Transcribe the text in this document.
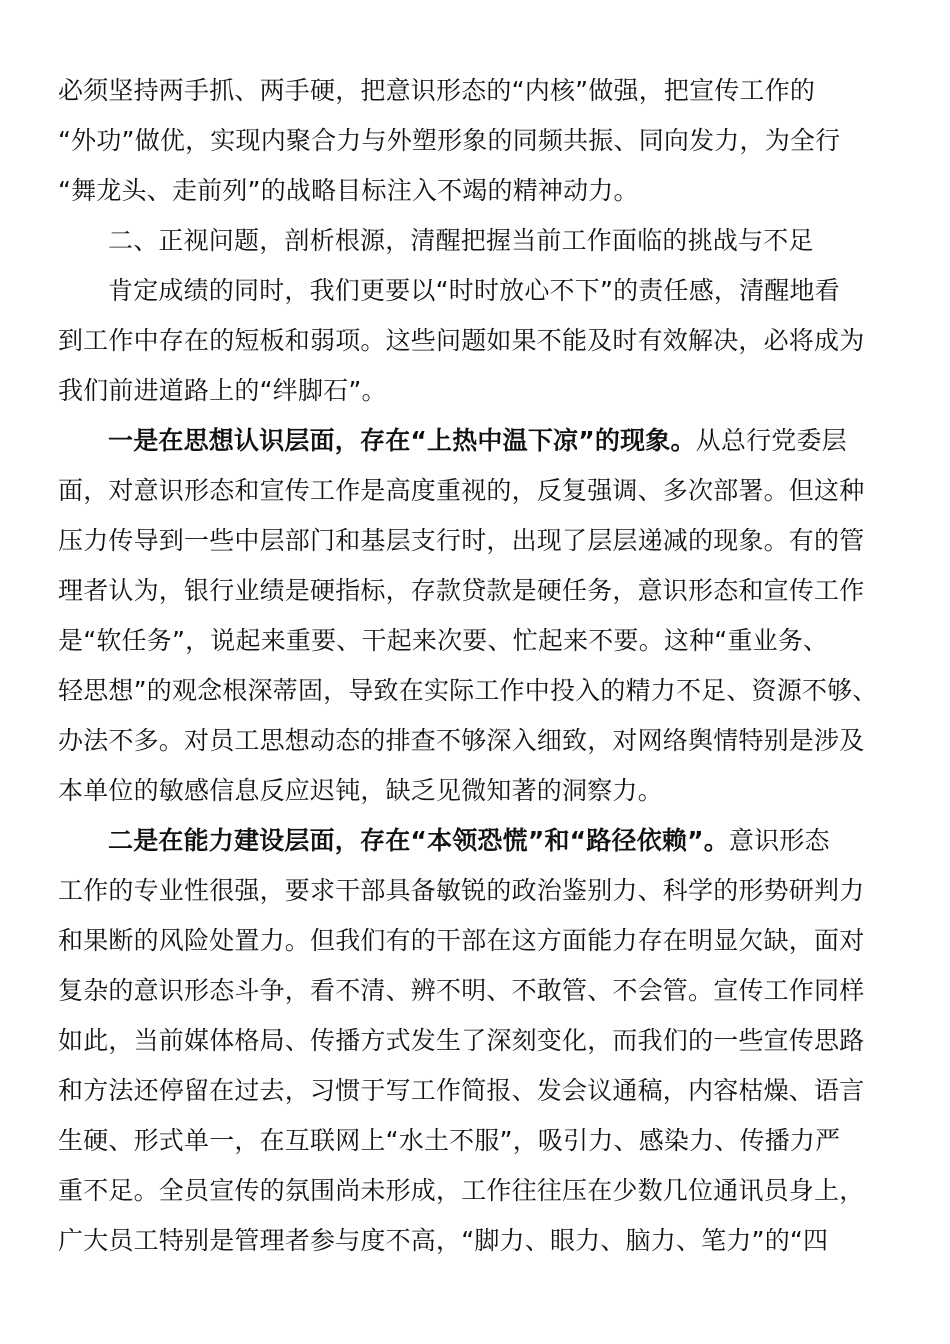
必须坚持两手抓、两手硬，把意识形态的“内核”做强，把宣传工作的
“外功”做优，实现内聚合力与外塑形象的同频共振、同向发力，为全行
“舞龙头、走前列”的战略目标注入不竭的精神动力。
二、正视问题，剖析根源，清醒把握当前工作面临的挑战与不足
肯定成绩的同时，我们更要以“时时放心不下”的责任感，清醒地看
到工作中存在的短板和弱项。这些问题如果不能及时有效解决，必将成为
我们前进道路上的“绊脚石”。
一是在思想认识层面，存在“上热中温下凉”的现象。从总行党委层
面，对意识形态和宣传工作是高度重视的，反复强调、多次部署。但这种
压力传导到一些中层部门和基层支行时，出现了层层递减的现象。有的管
理者认为，银行业绩是硬指标，存款贷款是硬任务，意识形态和宣传工作
是“软任务”，说起来重要、干起来次要、忙起来不要。这种“重业务、
轻思想”的观念根深蒂固，导致在实际工作中投入的精力不足、资源不够、
办法不多。对员工思想动态的排查不够深入细致，对网络舆情特别是涉及
本单位的敏感信息反应迟钝，缺乏见微知著的洞察力。
二是在能力建设层面，存在“本领恐慌”和“路径依赖”。意识形态
工作的专业性很强，要求干部具备敏锐的政治鉴别力、科学的形势研判力
和果断的风险处置力。但我们有的干部在这方面能力存在明显欠缺，面对
复杂的意识形态斗争，看不清、辨不明、不敢管、不会管。宣传工作同样
如此，当前媒体格局、传播方式发生了深刻变化，而我们的一些宣传思路
和方法还停留在过去，习惯于写工作简报、发会议通稿，内容枯燥、语言
生硬、形式单一，在互联网上“水土不服”，吸引力、感染力、传播力严
重不足。全员宣传的氛围尚未形成，工作往往压在少数几位通讯员身上，
广大员工特别是管理者参与度不高，“脚力、眼力、脑力、笔力”的“四
